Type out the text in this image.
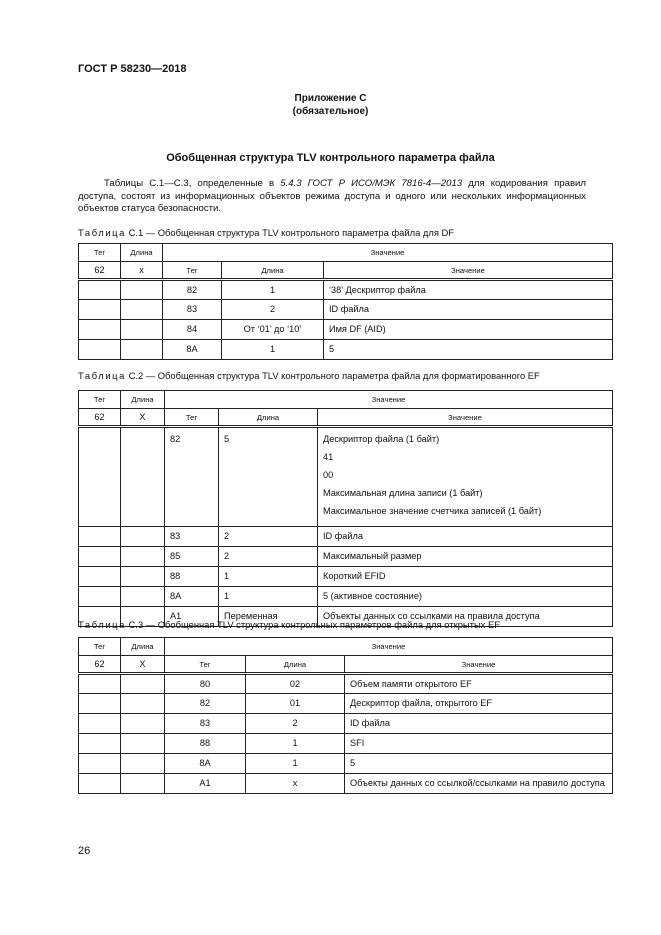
ГОСТ Р 58230—2018
Приложение С
(обязательное)
Обобщенная структура TLV контрольного параметра файла
Таблицы С.1—С.3, определенные в 5.4.3 ГОСТ Р ИСО/МЭК 7816-4—2013 для кодирования правил доступа, состоят из информационных объектов режима доступа и одного или нескольких информационных объектов статуса безопасности.
Таблица С.1 — Обобщенная структура TLV контрольного параметра файла для DF
Тег	Длина	Значение		
62	x	Тег	Длина	Значение

		82	1	‘38’ Дескриптор файла

		83	2	ID файла

		84	От ‘01’ до ‘10’	Имя DF (AID)

		8A	1	5
Таблица С.2 — Обобщенная структура TLV контрольного параметра файла для форматированного EF
Тег	Длина	Значение		
62	X	Тег	Длина	Значение

		82	5	Дескриптор файла (1 байт)
41
00
Максимальная длина записи (1 байт)
Максимальное значение счетчика записей (1 байт)

		83	2	ID файла

		85	2	Максимальный размер

		88	1	Короткий EFID

		8A	1	5 (активное состояние)

		A1	Переменная	Объекты данных со ссылками на правила доступа
Таблица С.3 — Обобщенная TLV структура контрольных параметров файла для открытых EF
Тег	Длина	Значение		
62	X	Тег	Длина	Значение

		80	02	Объем памяти открытого EF

		82	01	Дескриптор файла, открытого EF

		83	2	ID файла

		88	1	SFI

		8A	1	5

		A1	x	Объекты данных со ссылкой/ссылками на правило доступа
26
